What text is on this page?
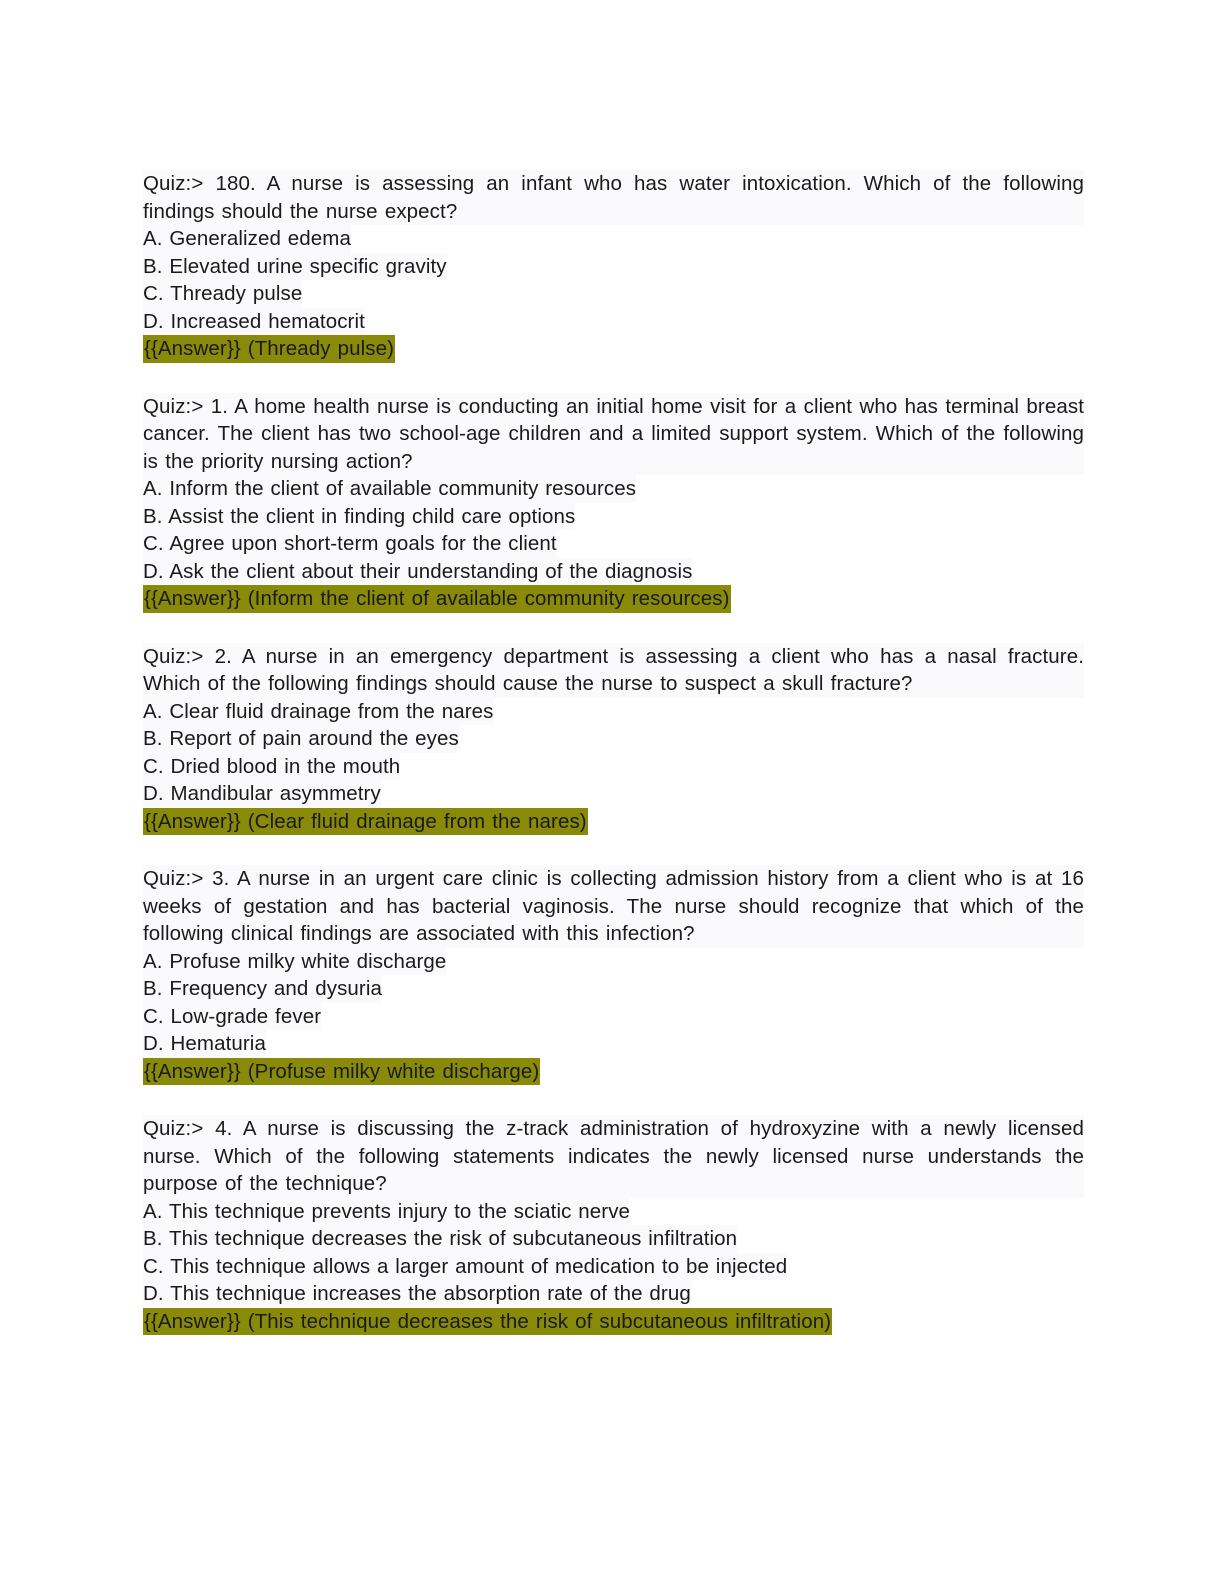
Quiz:> 180. A nurse is assessing an infant who has water intoxication. Which of the following findings should the nurse expect?
A. Generalized edema
B. Elevated urine specific gravity
C. Thready pulse
D. Increased hematocrit
{{Answer}} (Thready pulse)
Quiz:> 1. A home health nurse is conducting an initial home visit for a client who has terminal breast cancer. The client has two school-age children and a limited support system. Which of the following is the priority nursing action?
A. Inform the client of available community resources
B. Assist the client in finding child care options
C. Agree upon short-term goals for the client
D. Ask the client about their understanding of the diagnosis
{{Answer}} (Inform the client of available community resources)
Quiz:> 2. A nurse in an emergency department is assessing a client who has a nasal fracture. Which of the following findings should cause the nurse to suspect a skull fracture?
A. Clear fluid drainage from the nares
B. Report of pain around the eyes
C. Dried blood in the mouth
D. Mandibular asymmetry
{{Answer}} (Clear fluid drainage from the nares)
Quiz:> 3. A nurse in an urgent care clinic is collecting admission history from a client who is at 16 weeks of gestation and has bacterial vaginosis. The nurse should recognize that which of the following clinical findings are associated with this infection?
A. Profuse milky white discharge
B. Frequency and dysuria
C. Low-grade fever
D. Hematuria
{{Answer}} (Profuse milky white discharge)
Quiz:> 4. A nurse is discussing the z-track administration of hydroxyzine with a newly licensed nurse. Which of the following statements indicates the newly licensed nurse understands the purpose of the technique?
A. This technique prevents injury to the sciatic nerve
B. This technique decreases the risk of subcutaneous infiltration
C. This technique allows a larger amount of medication to be injected
D. This technique increases the absorption rate of the drug
{{Answer}} (This technique decreases the risk of subcutaneous infiltration)
